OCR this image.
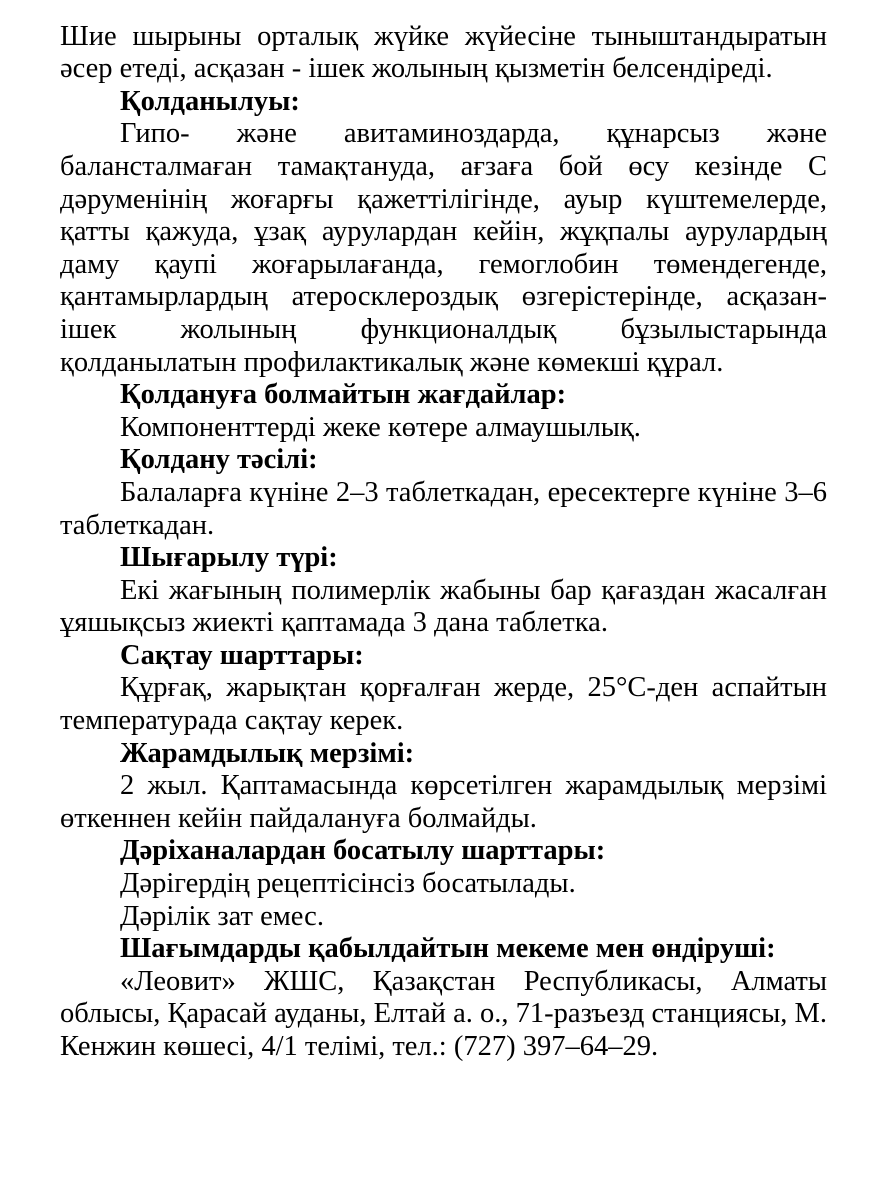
Шие шырыны орталық жүйке жүйесіне тыныштандыратын әсер етеді, асқазан - ішек жолының қызметін белсендіреді.

Қолданылуы:

Гипо- және авитаминоздарда, құнарсыз және балансталмаған тамақтануда, ағзаға бой өсу кезінде С дәруменінің жоғарғы қажеттілігінде, ауыр күштемелерде, қатты қажуда, ұзақ аурулардан кейін, жұқпалы аурулардың даму қаупі жоғарылағанда, гемоглобин төмендегенде, қантамырлардың атеросклероздық өзгерістерінде, асқазан-ішек жолының функционалдық бұзылыстарында қолданылатын профилактикалық және көмекші құрал.

Қолдануға болмайтын жағдайлар:

Компоненттерді жеке көтере алмаушылық.

Қолдану тәсілі:

Балаларға күніне 2–3 таблеткадан, ересектерге күніне 3–6 таблеткадан.

Шығарылу түрі:

Екі жағының полимерлік жабыны бар қағаздан жасалған ұяшықсыз жиекті қаптамада 3 дана таблетка.

Сақтау шарттары:

Құрғақ, жарықтан қорғалған жерде, 25°С-ден аспайтын температурада сақтау керек.

Жарамдылық мерзімі:

2 жыл. Қаптамасында көрсетілген жарамдылық мерзімі өткеннен кейін пайдалануға болмайды.

Дәріханалардан босатылу шарттары:

Дәрігердің рецептісінсіз босатылады.

Дәрілік зат емес.

Шағымдарды қабылдайтын мекеме мен өндіруші:

«Леовит» ЖШС, Қазақстан Республикасы, Алматы облысы, Қарасай ауданы, Елтай а. о., 71-разъезд станциясы, М. Кенжин көшесі, 4/1 телімі, тел.: (727) 397–64–29.
